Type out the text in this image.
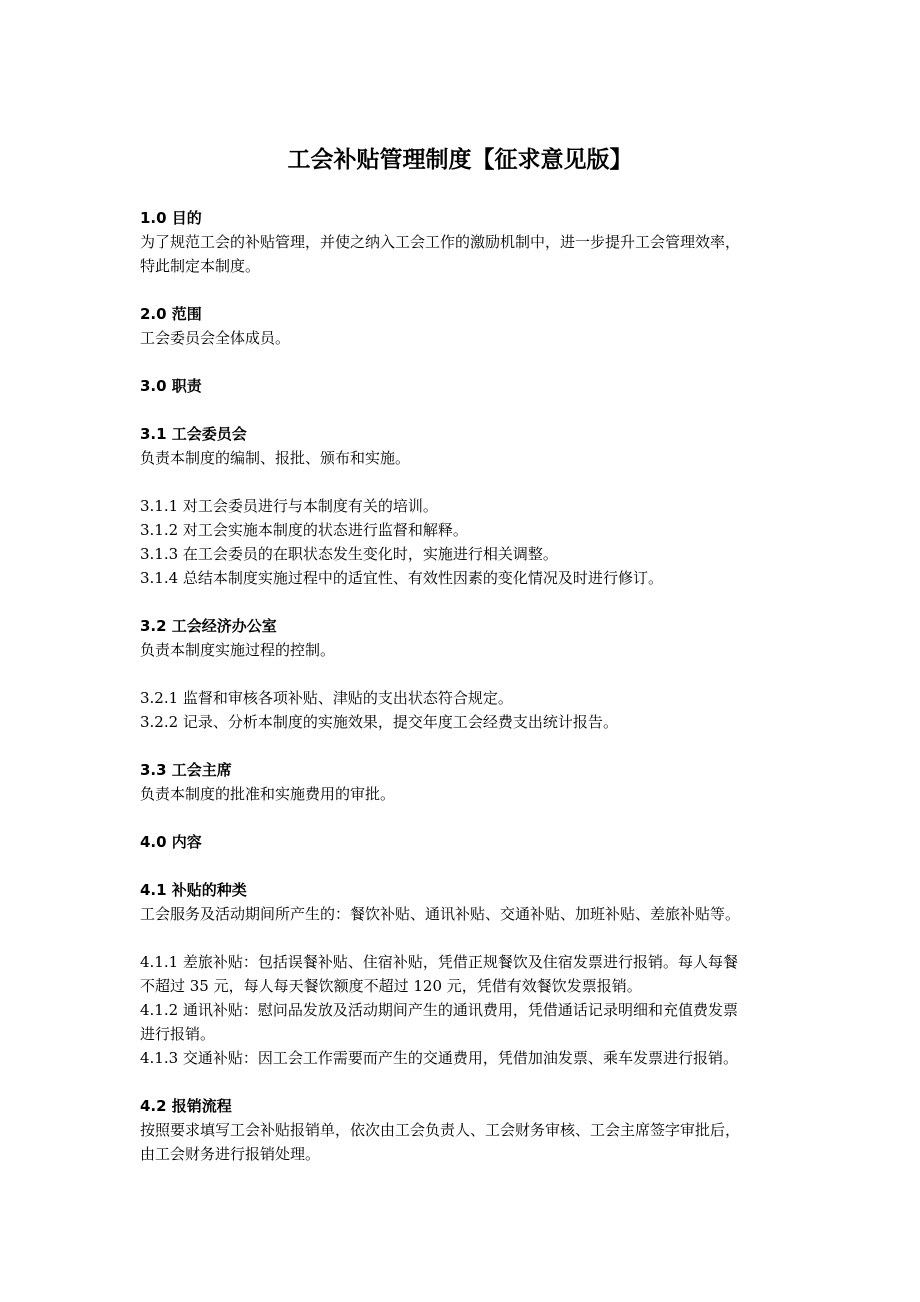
工会补贴管理制度【征求意见版】
1.0 目的
为了规范工会的补贴管理，并使之纳入工会工作的激励机制中，进一步提升工会管理效率，
特此制定本制度。
2.0 范围
工会委员会全体成员。
3.0 职责
3.1 工会委员会
负责本制度的编制、报批、颁布和实施。
3.1.1 对工会委员进行与本制度有关的培训。
3.1.2 对工会实施本制度的状态进行监督和解释。
3.1.3 在工会委员的在职状态发生变化时，实施进行相关调整。
3.1.4 总结本制度实施过程中的适宜性、有效性因素的变化情况及时进行修订。
3.2 工会经济办公室
负责本制度实施过程的控制。
3.2.1 监督和审核各项补贴、津贴的支出状态符合规定。
3.2.2 记录、分析本制度的实施效果，提交年度工会经费支出统计报告。
3.3 工会主席
负责本制度的批准和实施费用的审批。
4.0 内容
4.1 补贴的种类
工会服务及活动期间所产生的：餐饮补贴、通讯补贴、交通补贴、加班补贴、差旅补贴等。
4.1.1 差旅补贴：包括误餐补贴、住宿补贴，凭借正规餐饮及住宿发票进行报销。每人每餐
不超过 35 元，每人每天餐饮额度不超过 120 元，凭借有效餐饮发票报销。
4.1.2 通讯补贴：慰问品发放及活动期间产生的通讯费用，凭借通话记录明细和充值费发票
进行报销。
4.1.3 交通补贴：因工会工作需要而产生的交通费用，凭借加油发票、乘车发票进行报销。
4.2 报销流程
按照要求填写工会补贴报销单，依次由工会负责人、工会财务审核、工会主席签字审批后，
由工会财务进行报销处理。
